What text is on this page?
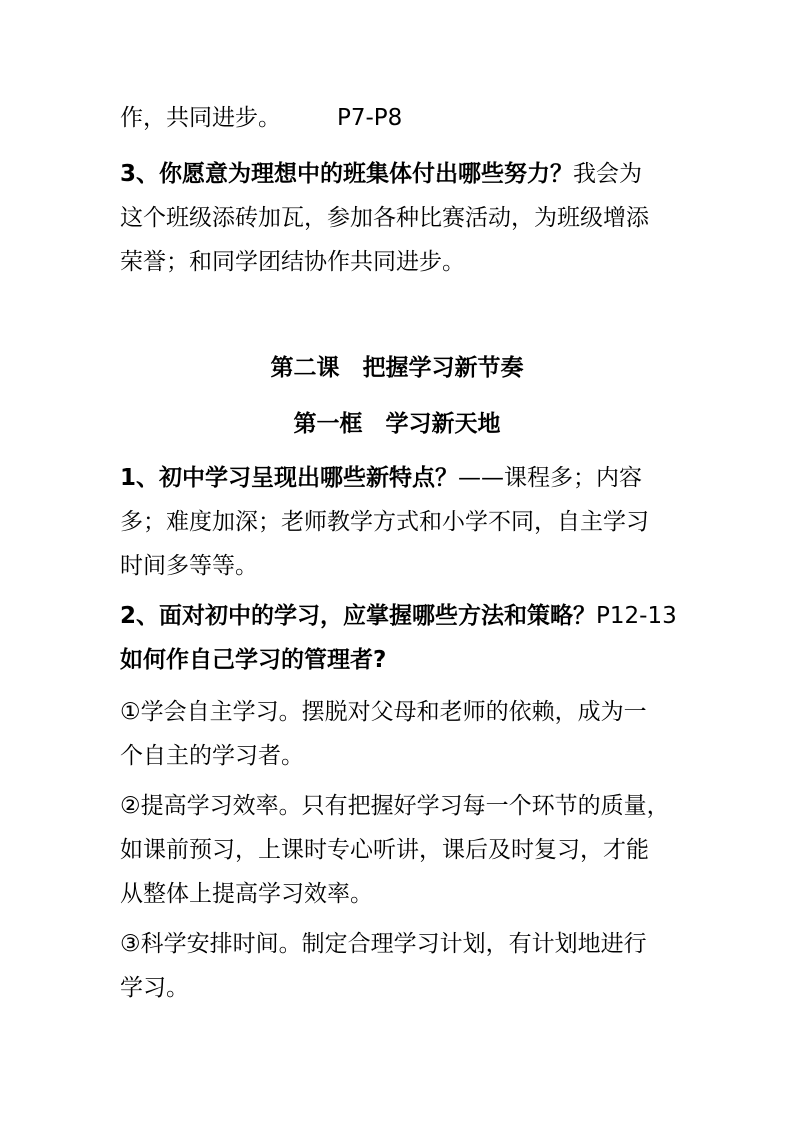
作，共同进步。 P7-P8

3、你愿意为理想中的班集体付出哪些努力？我会为
这个班级添砖加瓦，参加各种比赛活动，为班级增添
荣誉；和同学团结协作共同进步。

第二课　把握学习新节奏

第一框　学习新天地

1、初中学习呈现出哪些新特点？——课程多；内容
多；难度加深；老师教学方式和小学不同，自主学习
时间多等等。

2、面对初中的学习，应掌握哪些方法和策略？P12-13
如何作自己学习的管理者?

①学会自主学习。摆脱对父母和老师的依赖，成为一
个自主的学习者。

②提高学习效率。只有把握好学习每一个环节的质量，
如课前预习，上课时专心听讲，课后及时复习，才能
从整体上提高学习效率。

③科学安排时间。制定合理学习计划，有计划地进行
学习。
